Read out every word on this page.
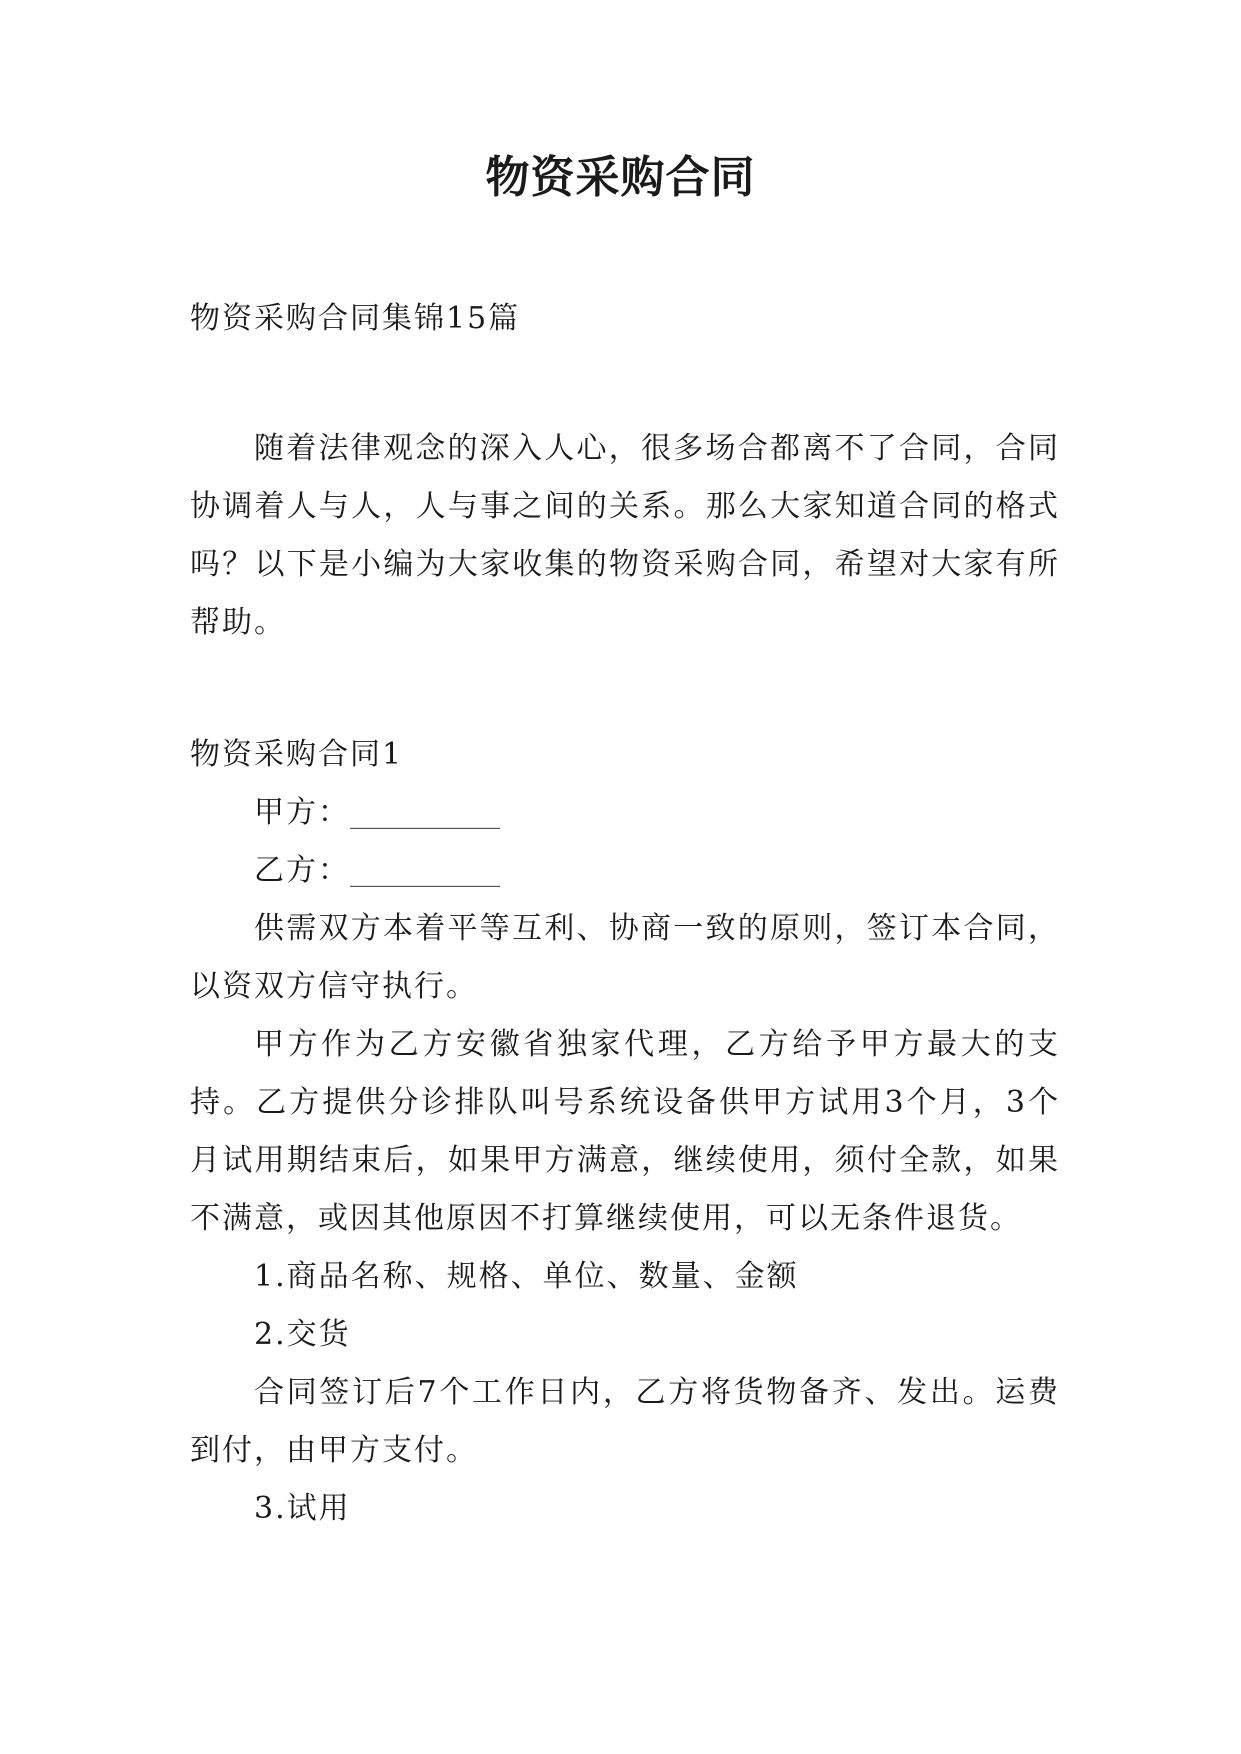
物资采购合同

物资采购合同集锦15篇

随着法律观念的深入人心，很多场合都离不了合同，合同协调着人与人，人与事之间的关系。那么大家知道合同的格式吗？以下是小编为大家收集的物资采购合同，希望对大家有所帮助。

物资采购合同1

甲方：__________

乙方：__________

供需双方本着平等互利、协商一致的原则，签订本合同，以资双方信守执行。

甲方作为乙方安徽省独家代理，乙方给予甲方最大的支持。乙方提供分诊排队叫号系统设备供甲方试用3个月，3个月试用期结束后，如果甲方满意，继续使用，须付全款，如果不满意，或因其他原因不打算继续使用，可以无条件退货。

1.商品名称、规格、单位、数量、金额

2.交货

合同签订后7个工作日内，乙方将货物备齐、发出。运费到付，由甲方支付。

3.试用
